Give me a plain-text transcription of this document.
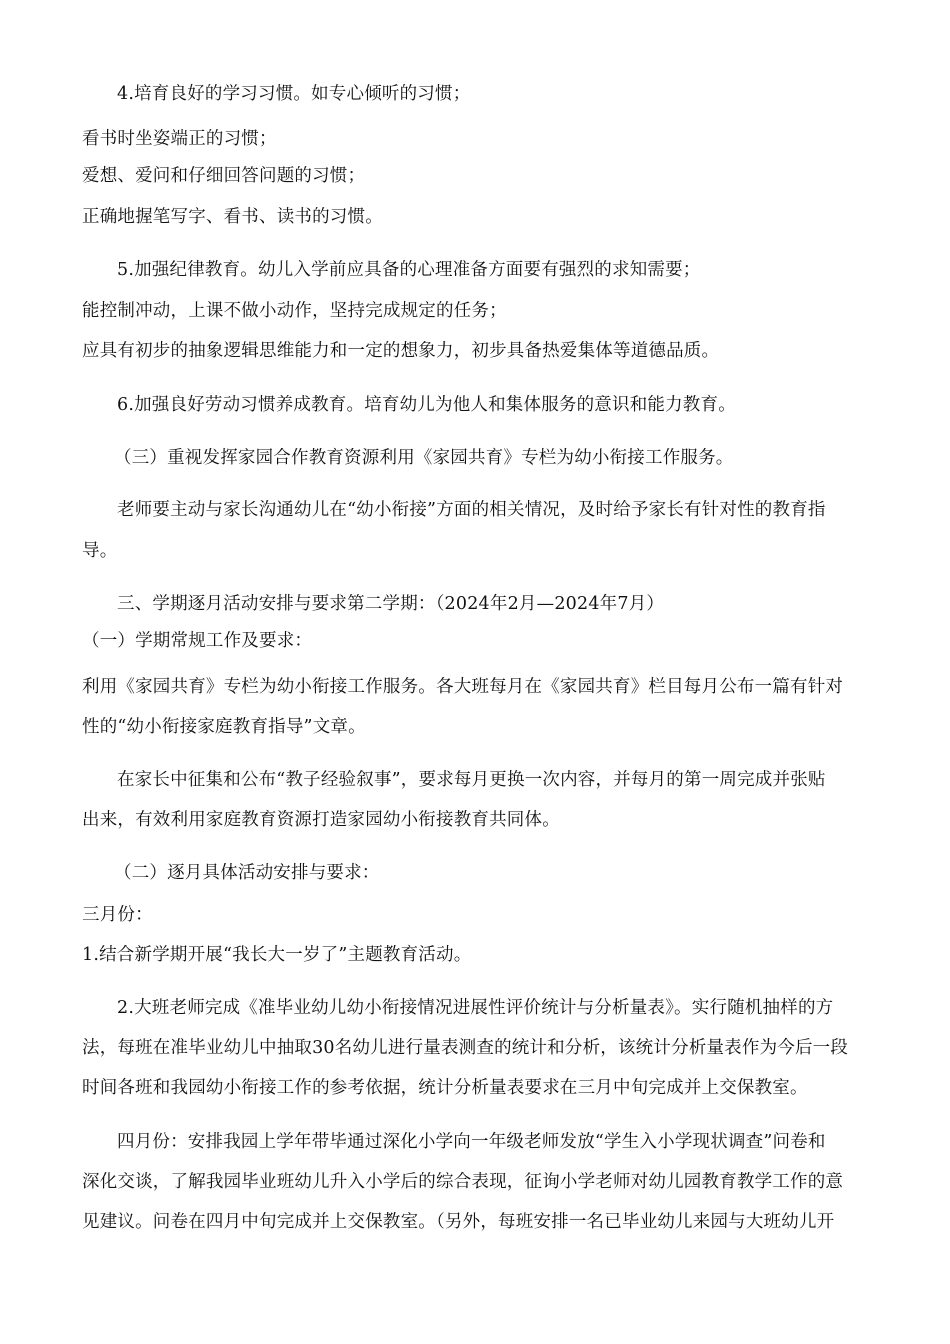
4.培育良好的学习习惯。如专心倾听的习惯；
看书时坐姿端正的习惯；
爱想、爱问和仔细回答问题的习惯；
正确地握笔写字、看书、读书的习惯。
5.加强纪律教育。幼儿入学前应具备的心理准备方面要有强烈的求知需要；
能控制冲动，上课不做小动作，坚持完成规定的任务；
应具有初步的抽象逻辑思维能力和一定的想象力，初步具备热爱集体等道德品质。
6.加强良好劳动习惯养成教育。培育幼儿为他人和集体服务的意识和能力教育。
（三）重视发挥家园合作教育资源利用《家园共育》专栏为幼小衔接工作服务。
老师要主动与家长沟通幼儿在“幼小衔接”方面的相关情况，及时给予家长有针对性的教育指
导。
三、学期逐月活动安排与要求第二学期：（2024年2月—2024年7月）
（一）学期常规工作及要求：
利用《家园共育》专栏为幼小衔接工作服务。各大班每月在《家园共育》栏目每月公布一篇有针对
性的“幼小衔接家庭教育指导”文章。
在家长中征集和公布“教子经验叙事”，要求每月更换一次内容，并每月的第一周完成并张贴
出来，有效利用家庭教育资源打造家园幼小衔接教育共同体。
（二）逐月具体活动安排与要求：
三月份：
1.结合新学期开展“我长大一岁了”主题教育活动。
2.大班老师完成《准毕业幼儿幼小衔接情况进展性评价统计与分析量表》。实行随机抽样的方
法，每班在准毕业幼儿中抽取30名幼儿进行量表测查的统计和分析，该统计分析量表作为今后一段
时间各班和我园幼小衔接工作的参考依据，统计分析量表要求在三月中旬完成并上交保教室。
四月份：安排我园上学年带毕通过深化小学向一年级老师发放“学生入小学现状调查”问卷和
深化交谈，了解我园毕业班幼儿升入小学后的综合表现，征询小学老师对幼儿园教育教学工作的意
见建议。问卷在四月中旬完成并上交保教室。（另外，每班安排一名已毕业幼儿来园与大班幼儿开
